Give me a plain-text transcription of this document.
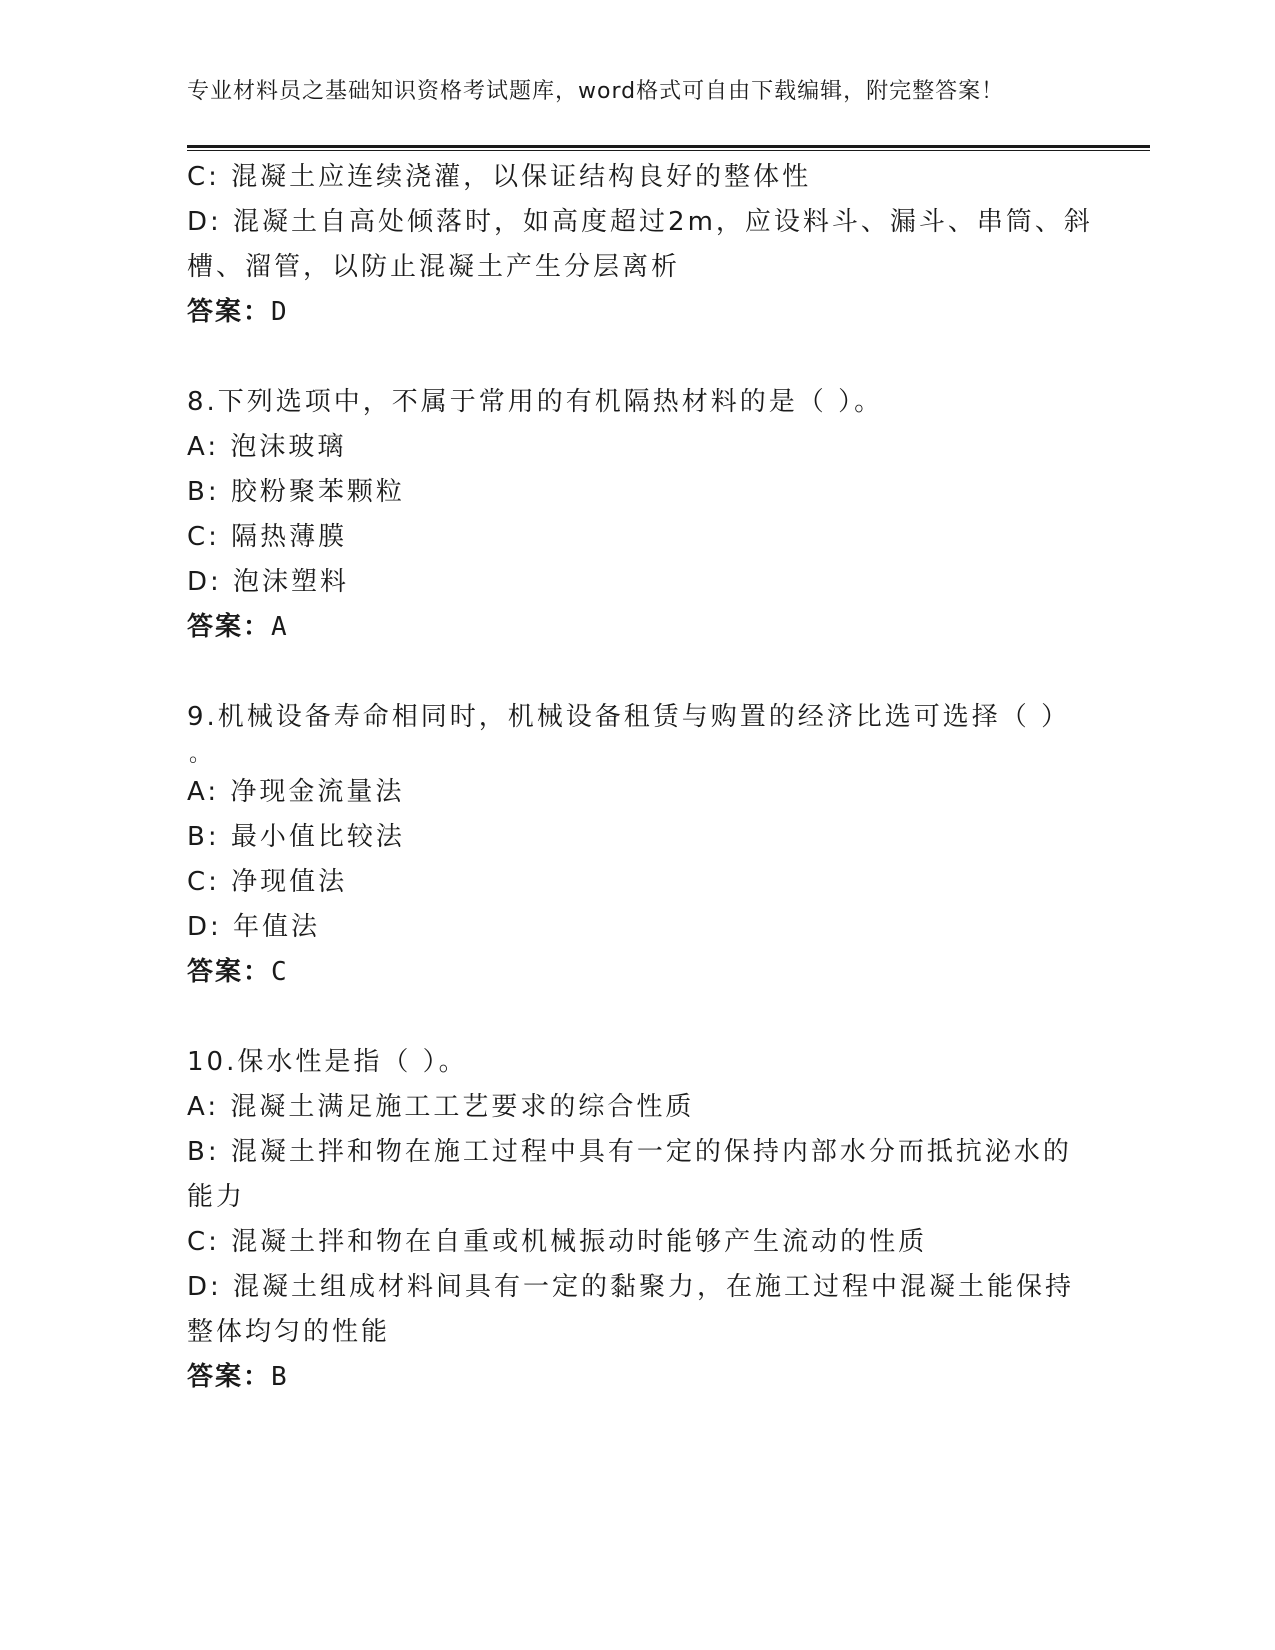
专业材料员之基础知识资格考试题库，word格式可自由下载编辑，附完整答案！
C: 混凝土应连续浇灌，以保证结构良好的整体性
D: 混凝土自高处倾落时，如高度超过2m，应设料斗、漏斗、串筒、斜
槽、溜管，以防止混凝土产生分层离析
答案：D
8.下列选项中，不属于常用的有机隔热材料的是（ ）。
A: 泡沫玻璃
B: 胶粉聚苯颗粒
C: 隔热薄膜
D: 泡沫塑料
答案：A
9.机械设备寿命相同时，机械设备租赁与购置的经济比选可选择（ ）
。
A: 净现金流量法
B: 最小值比较法
C: 净现值法
D: 年值法
答案：C
10.保水性是指（ ）。
A: 混凝土满足施工工艺要求的综合性质
B: 混凝土拌和物在施工过程中具有一定的保持内部水分而抵抗泌水的
能力
C: 混凝土拌和物在自重或机械振动时能够产生流动的性质
D: 混凝土组成材料间具有一定的黏聚力，在施工过程中混凝土能保持
整体均匀的性能
答案：B
